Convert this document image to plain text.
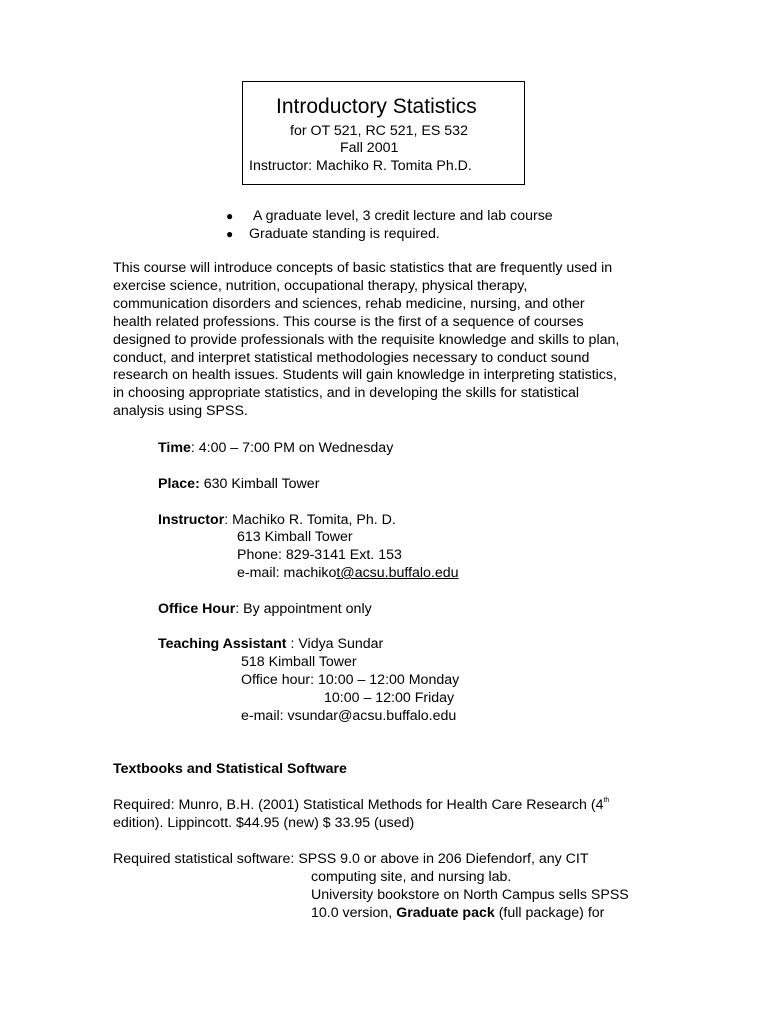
Introductory Statistics
for OT 521, RC 521, ES 532
Fall 2001
Instructor: Machiko R. Tomita Ph.D.
● A graduate level, 3 credit lecture and lab course
● Graduate standing is required.
This course will introduce concepts of basic statistics that are frequently used in
exercise science, nutrition, occupational therapy, physical therapy,
communication disorders and sciences, rehab medicine, nursing, and other
health related professions. This course is the first of a sequence of courses
designed to provide professionals with the requisite knowledge and skills to plan,
conduct, and interpret statistical methodologies necessary to conduct sound
research on health issues. Students will gain knowledge in interpreting statistics,
in choosing appropriate statistics, and in developing the skills for statistical
analysis using SPSS.
Time: 4:00 – 7:00 PM on Wednesday
Place: 630 Kimball Tower
Instructor: Machiko R. Tomita, Ph. D.
613 Kimball Tower
Phone: 829-3141 Ext. 153
e-mail: machikot@acsu.buffalo.edu
Office Hour: By appointment only
Teaching Assistant : Vidya Sundar
518 Kimball Tower
Office hour: 10:00 – 12:00 Monday
10:00 – 12:00 Friday
e-mail: vsundar@acsu.buffalo.edu
Textbooks and Statistical Software
Required: Munro, B.H. (2001) Statistical Methods for Health Care Research (4th
edition). Lippincott. $44.95 (new) $ 33.95 (used)
Required statistical software: SPSS 9.0 or above in 206 Diefendorf, any CIT
computing site, and nursing lab.
University bookstore on North Campus sells SPSS
10.0 version, Graduate pack (full package) for
